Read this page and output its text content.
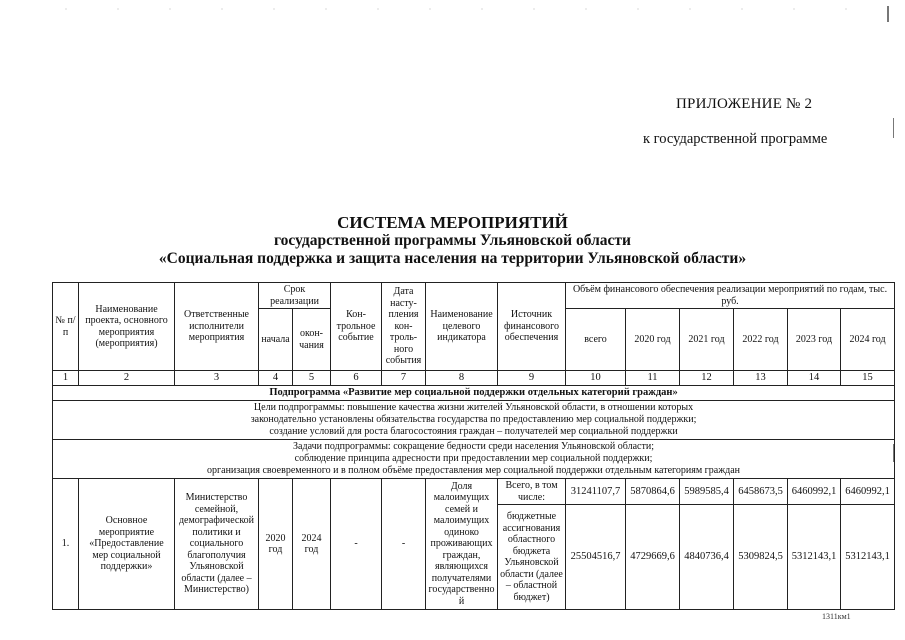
ПРИЛОЖЕНИЕ № 2
к государственной программе
СИСТЕМА МЕРОПРИЯТИЙ
государственной программы Ульяновской области
«Социальная поддержка и защита населения на территории Ульяновской области»
№ п/п	Наименование проекта, основного мероприятия (мероприятия)	Ответственные исполнители мероприятия	Срок реализации		Кон-трольное событие	Дата насту-пления кон-троль-ного события	Наименование целевого индикатора	Источник финансового обеспечения	Объём финансового обеспечения реализации мероприятий по годам, тыс. руб.					
			начала	окон-чания					всего	2020 год	2021 год	2022 год	2023 год	2024 год
1	2	3	4	5	6	7	8	9	10	11	12	13	14	15
Подпрограмма «Развитие мер социальной поддержки отдельных категорий граждан»														

Цели подпрограммы: повышение качества жизни жителей Ульяновской области, в отношении которых
законодательно установлены обязательства государства по предоставлению мер социальной поддержки;
создание условий для роста благосостояния граждан – получателей мер социальной поддержки														

Задачи подпрограммы: сокращение бедности среди населения Ульяновской области;
соблюдение принципа адресности при предоставлении мер социальной поддержки;
организация своевременного и в полном объёме предоставления мер социальной поддержки отдельным категориям граждан														

1.	Основное мероприятие «Предоставление мер социальной поддержки»	Министерство семейной, демографической политики и социального благополучия Ульяновской области (далее – Министерство)	2020 год	2024 год	-	-	Доля малоимущих семей и малоимущих одиноко проживающих граждан, являющихся получателями государственной	Всего, в том числе:	31241107,7	5870864,6	5989585,4	6458673,5	6460992,1	6460992,1
								бюджетные ассигнования областного бюджета Ульяновской области (далее – областной бюджет)	25504516,7	4729669,6	4840736,4	5309824,5	5312143,1	5312143,1
1311км1
